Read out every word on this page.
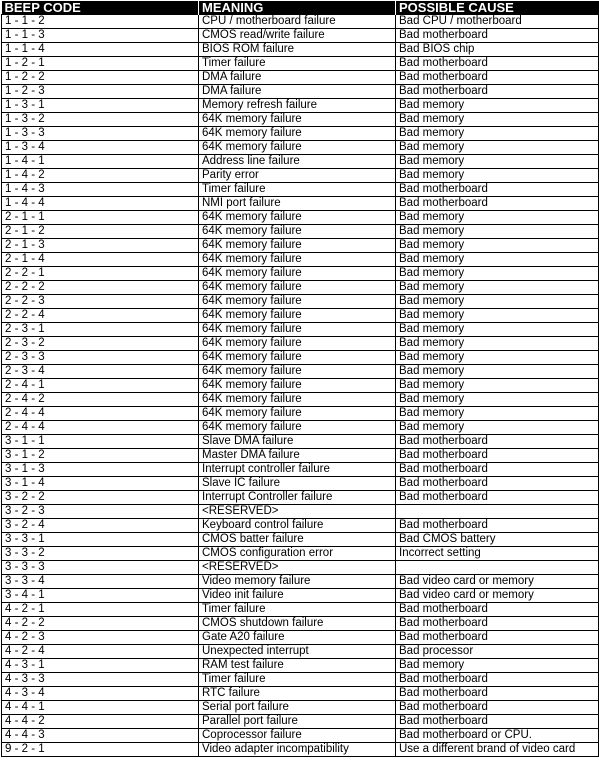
BEEP CODE	MEANING	POSSIBLE CAUSE
1 - 1 - 2	CPU / motherboard failure	Bad CPU / motherboard
1 - 1 - 3	CMOS read/write failure	Bad motherboard
1 - 1 - 4	BIOS ROM failure	Bad BIOS chip
1 - 2 - 1	Timer failure	Bad motherboard
1 - 2 - 2	DMA failure	Bad motherboard
1 - 2 - 3	DMA failure	Bad motherboard
1 - 3 - 1	Memory refresh failure	Bad memory
1 - 3 - 2	64K memory failure	Bad memory
1 - 3 - 3	64K memory failure	Bad memory
1 - 3 - 4	64K memory failure	Bad memory
1 - 4 - 1	Address line failure	Bad memory
1 - 4 - 2	Parity error	Bad memory
1 - 4 - 3	Timer failure	Bad motherboard
1 - 4 - 4	NMI port failure	Bad motherboard
2 - 1 - 1	64K memory failure	Bad memory
2 - 1 - 2	64K memory failure	Bad memory
2 - 1 - 3	64K memory failure	Bad memory
2 - 1 - 4	64K memory failure	Bad memory
2 - 2 - 1	64K memory failure	Bad memory
2 - 2 - 2	64K memory failure	Bad memory
2 - 2 - 3	64K memory failure	Bad memory
2 - 2 - 4	64K memory failure	Bad memory
2 - 3 - 1	64K memory failure	Bad memory
2 - 3 - 2	64K memory failure	Bad memory
2 - 3 - 3	64K memory failure	Bad memory
2 - 3 - 4	64K memory failure	Bad memory
2 - 4 - 1	64K memory failure	Bad memory
2 - 4 - 2	64K memory failure	Bad memory
2 - 4 - 4	64K memory failure	Bad memory
2 - 4 - 4	64K memory failure	Bad memory
3 - 1 - 1	Slave DMA failure	Bad motherboard
3 - 1 - 2	Master DMA failure	Bad motherboard
3 - 1 - 3	Interrupt controller failure	Bad motherboard
3 - 1 - 4	Slave IC failure	Bad motherboard
3 - 2 - 2	Interrupt Controller failure	Bad motherboard
3 - 2 - 3	<RESERVED>	
3 - 2 - 4	Keyboard control failure	Bad motherboard
3 - 3 - 1	CMOS batter failure	Bad CMOS battery
3 - 3 - 2	CMOS configuration error	Incorrect setting
3 - 3 - 3	<RESERVED>	
3 - 3 - 4	Video memory failure	Bad video card or memory
3 - 4 - 1	Video init failure	Bad video card or memory
4 - 2 - 1	Timer failure	Bad motherboard
4 - 2 - 2	CMOS shutdown failure	Bad motherboard
4 - 2 - 3	Gate A20 failure	Bad motherboard
4 - 2 - 4	Unexpected interrupt	Bad processor
4 - 3 - 1	RAM test failure	Bad memory
4 - 3 - 3	Timer failure	Bad motherboard
4 - 3 - 4	RTC failure	Bad motherboard
4 - 4 - 1	Serial port failure	Bad motherboard
4 - 4 - 2	Parallel port failure	Bad motherboard
4 - 4 - 3	Coprocessor failure	Bad motherboard or CPU.
9 - 2 - 1	Video adapter incompatibility	Use a different brand of video card
